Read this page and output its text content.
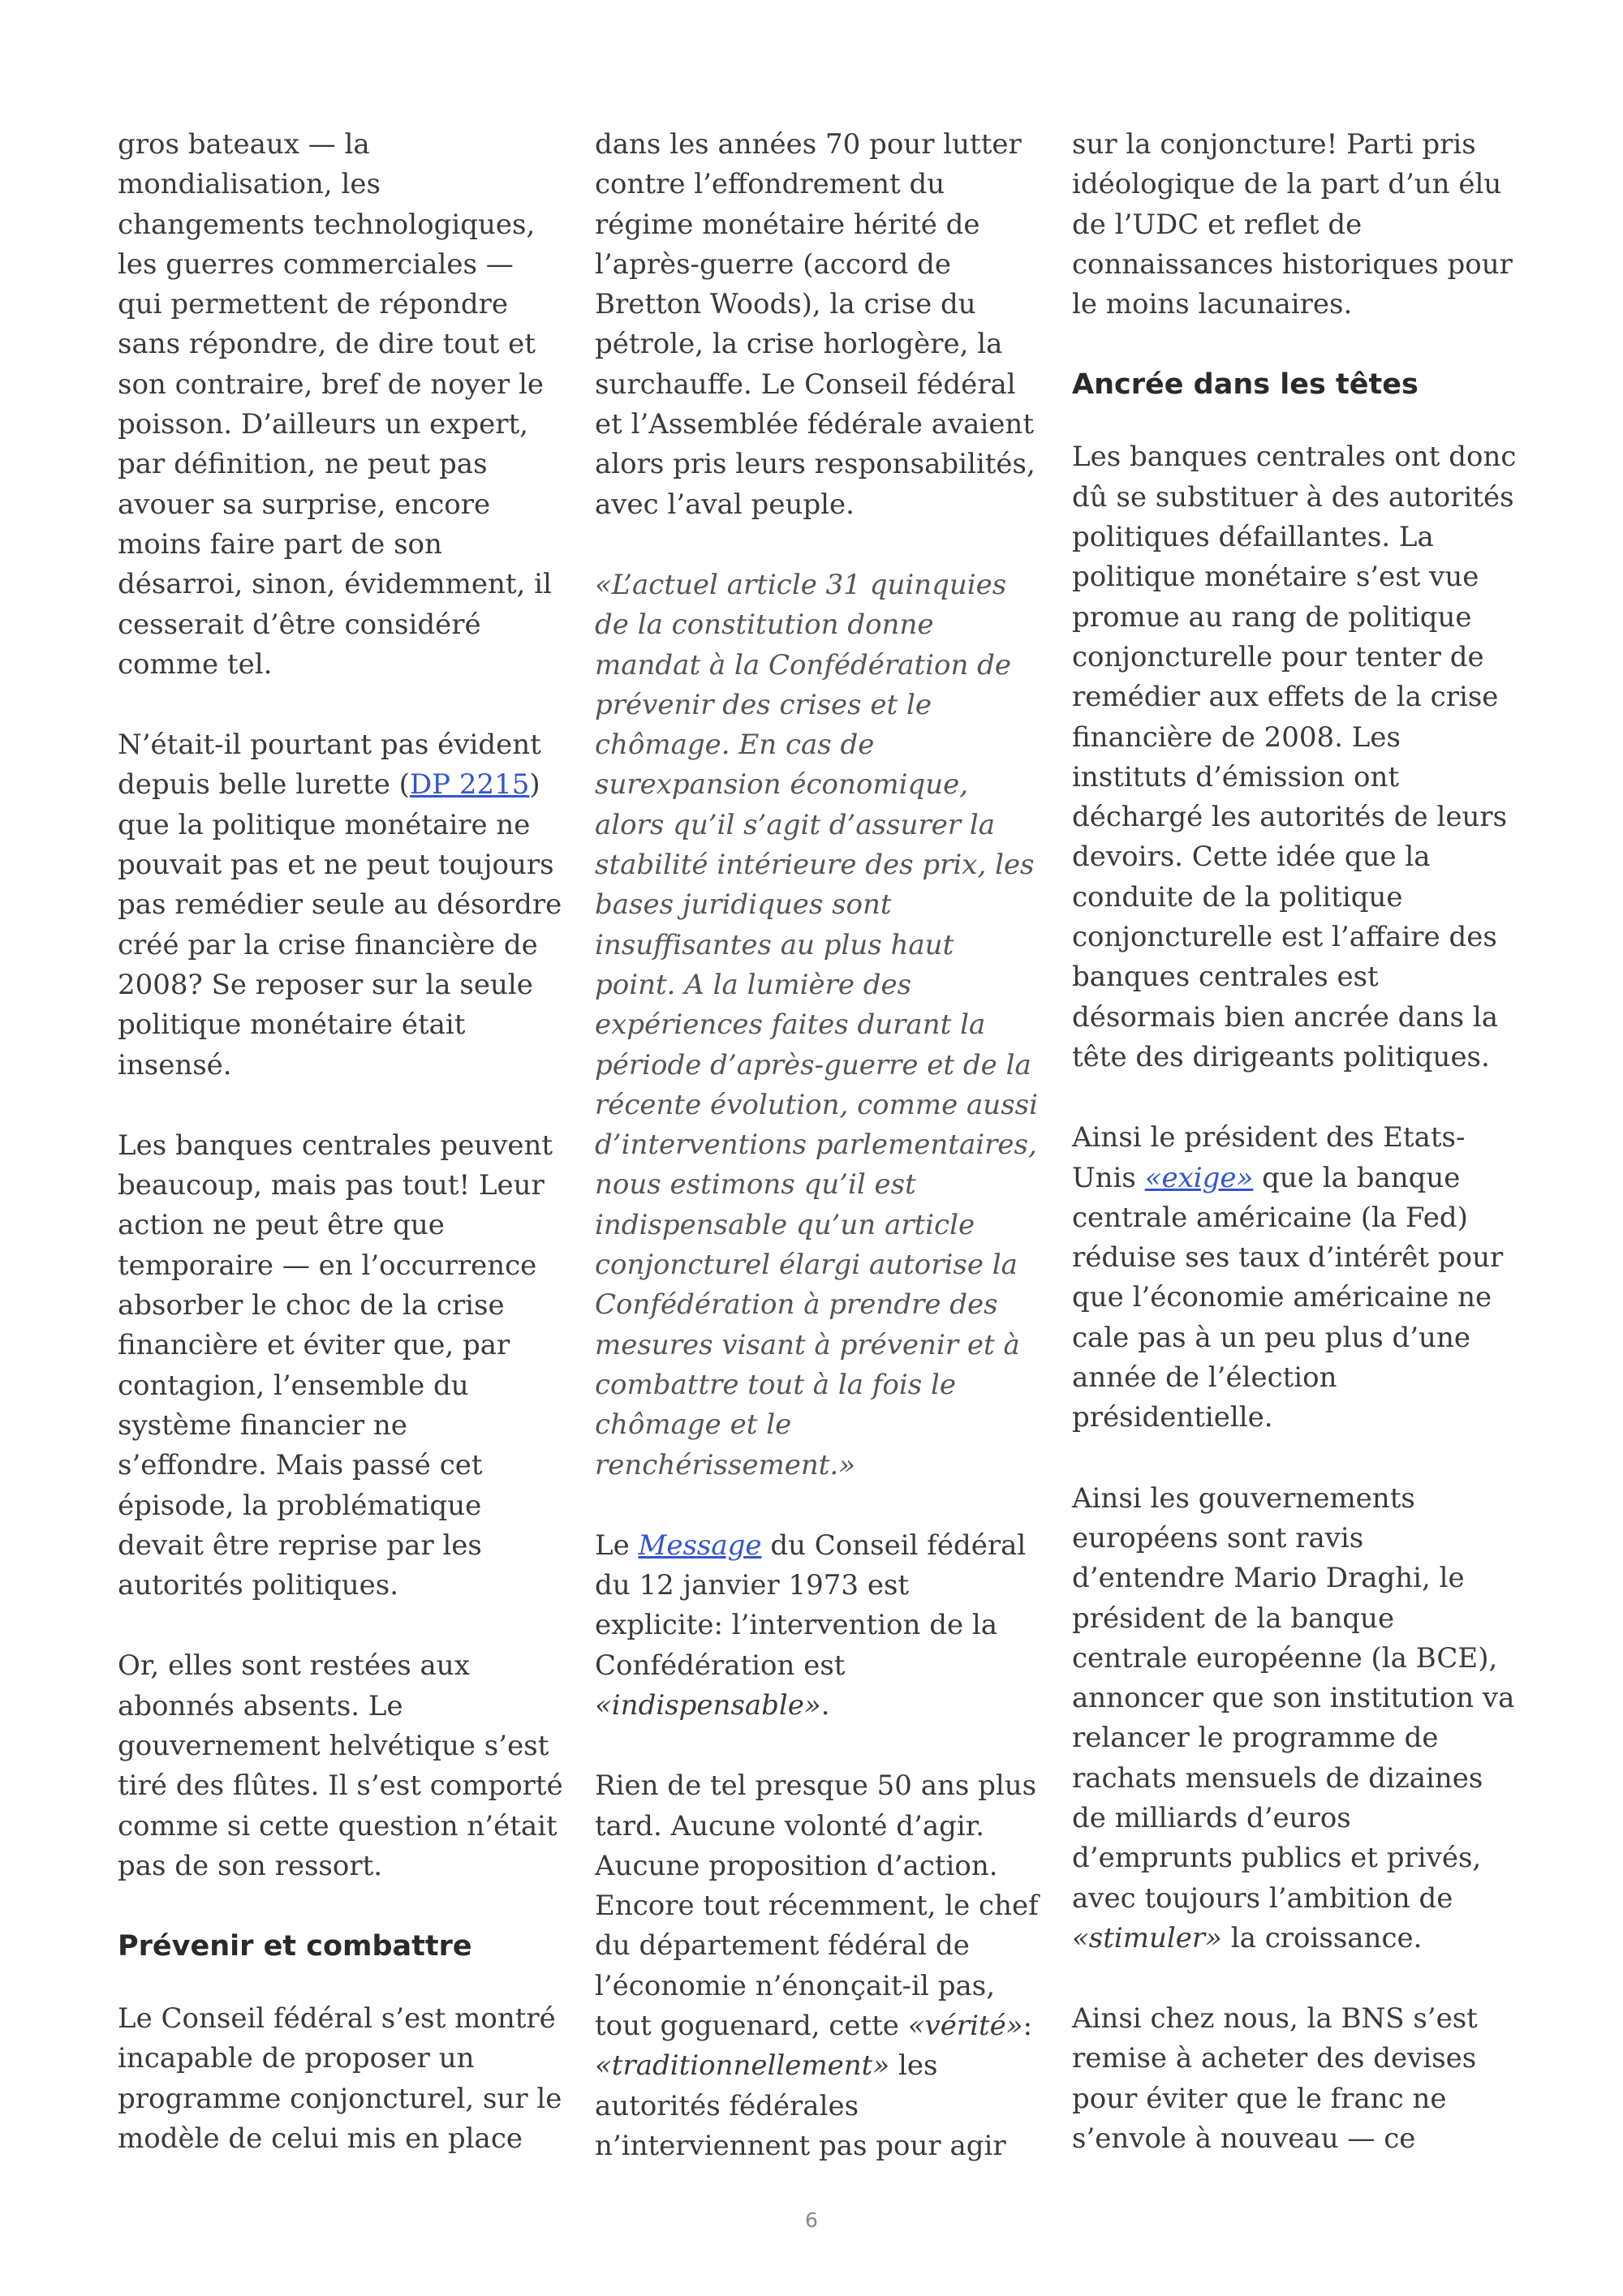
gros bateaux — la mondialisation, les changements technologiques, les guerres commerciales — qui permettent de répondre sans répondre, de dire tout et son contraire, bref de noyer le poisson. D’ailleurs un expert, par définition, ne peut pas avouer sa surprise, encore moins faire part de son désarroi, sinon, évidemment, il cesserait d’être considéré comme tel.

N’était-il pourtant pas évident depuis belle lurette (DP 2215) que la politique monétaire ne pouvait pas et ne peut toujours pas remédier seule au désordre créé par la crise financière de 2008? Se reposer sur la seule politique monétaire était insensé.

Les banques centrales peuvent beaucoup, mais pas tout! Leur action ne peut être que temporaire — en l’occurrence absorber le choc de la crise financière et éviter que, par contagion, l’ensemble du système financier ne s’effondre. Mais passé cet épisode, la problématique devait être reprise par les autorités politiques.

Or, elles sont restées aux abonnés absents. Le gouvernement helvétique s’est tiré des flûtes. Il s’est comporté comme si cette question n’était pas de son ressort.

Prévenir et combattre

Le Conseil fédéral s’est montré incapable de proposer un programme conjoncturel, sur le modèle de celui mis en place

dans les années 70 pour lutter contre l’effondrement du régime monétaire hérité de l’après-guerre (accord de Bretton Woods), la crise du pétrole, la crise horlogère, la surchauffe. Le Conseil fédéral et l’Assemblée fédérale avaient alors pris leurs responsabilités, avec l’aval peuple.

«L’actuel article 31 quinquies de la constitution donne mandat à la Confédération de prévenir des crises et le chômage. En cas de surexpansion économique, alors qu’il s’agit d’assurer la stabilité intérieure des prix, les bases juridiques sont insuffisantes au plus haut point. A la lumière des expériences faites durant la période d’après-guerre et de la récente évolution, comme aussi d’interventions parlementaires, nous estimons qu’il est indispensable qu’un article conjoncturel élargi autorise la Confédération à prendre des mesures visant à prévenir et à combattre tout à la fois le chômage et le renchérissement.»

Le Message du Conseil fédéral du 12 janvier 1973 est explicite: l’intervention de la Confédération est «indispensable».

Rien de tel presque 50 ans plus tard. Aucune volonté d’agir. Aucune proposition d’action. Encore tout récemment, le chef du département fédéral de l’économie n’énonçait-il pas, tout goguenard, cette «vérité»: «traditionnellement» les autorités fédérales n’interviennent pas pour agir

sur la conjoncture! Parti pris idéologique de la part d’un élu de l’UDC et reflet de connaissances historiques pour le moins lacunaires.

Ancrée dans les têtes

Les banques centrales ont donc dû se substituer à des autorités politiques défaillantes. La politique monétaire s’est vue promue au rang de politique conjoncturelle pour tenter de remédier aux effets de la crise financière de 2008. Les instituts d’émission ont déchargé les autorités de leurs devoirs. Cette idée que la conduite de la politique conjoncturelle est l’affaire des banques centrales est désormais bien ancrée dans la tête des dirigeants politiques.

Ainsi le président des Etats-Unis «exige» que la banque centrale américaine (la Fed) réduise ses taux d’intérêt pour que l’économie américaine ne cale pas à un peu plus d’une année de l’élection présidentielle.

Ainsi les gouvernements européens sont ravis d’entendre Mario Draghi, le président de la banque centrale européenne (la BCE), annoncer que son institution va relancer le programme de rachats mensuels de dizaines de milliards d’euros d’emprunts publics et privés, avec toujours l’ambition de «stimuler» la croissance.

Ainsi chez nous, la BNS s’est remise à acheter des devises pour éviter que le franc ne s’envole à nouveau — ce

6
